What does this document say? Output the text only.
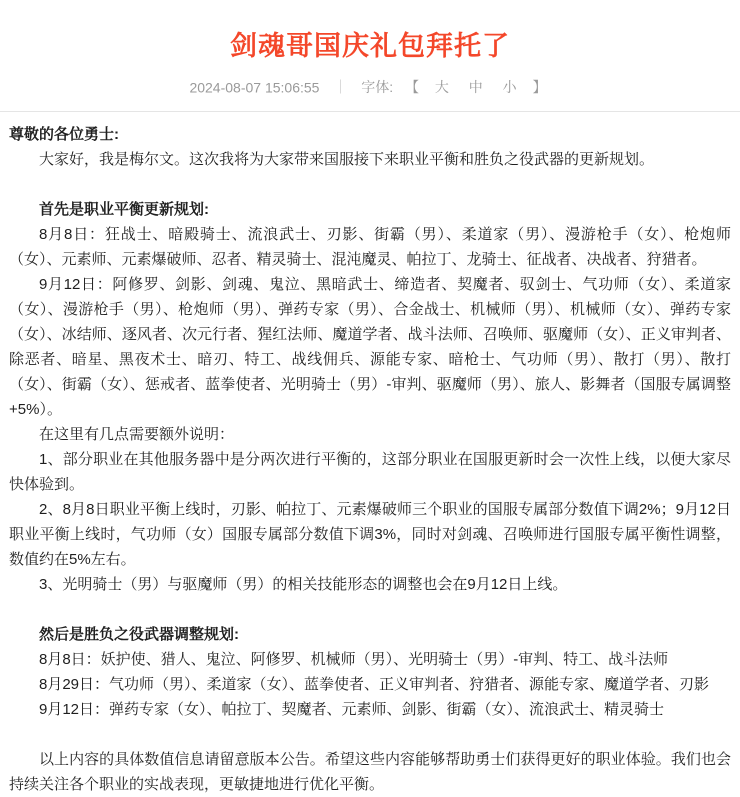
剑魂哥国庆礼包拜托了
2024-08-07 15:06:55 ｜ 字体: 【 大 中 小 】

尊敬的各位勇士:

大家好，我是梅尔文。这次我将为大家带来国服接下来职业平衡和胜负之役武器的更新规划。

首先是职业平衡更新规划:

8月8日：狂战士、暗殿骑士、流浪武士、刃影、街霸（男）、柔道家（男）、漫游枪手（女）、枪炮师（女）、元素师、元素爆破师、忍者、精灵骑士、混沌魔灵、帕拉丁、龙骑士、征战者、决战者、狩猎者。

9月12日：阿修罗、剑影、剑魂、鬼泣、黑暗武士、缔造者、契魔者、驭剑士、气功师（女）、柔道家（女）、漫游枪手（男）、枪炮师（男）、弹药专家（男）、合金战士、机械师（男）、机械师（女）、弹药专家（女）、冰结师、逐风者、次元行者、猩红法师、魔道学者、战斗法师、召唤师、驱魔师（女）、正义审判者、除恶者、暗星、黑夜术士、暗刃、特工、战线佣兵、源能专家、暗枪士、气功师（男）、散打（男）、散打（女）、街霸（女）、惩戒者、蓝拳使者、光明骑士（男）-审判、驱魔师（男）、旅人、影舞者（国服专属调整+5%）。

在这里有几点需要额外说明：

1、部分职业在其他服务器中是分两次进行平衡的，这部分职业在国服更新时会一次性上线，以便大家尽快体验到。

2、8月8日职业平衡上线时，刃影、帕拉丁、元素爆破师三个职业的国服专属部分数值下调2%；9月12日职业平衡上线时，气功师（女）国服专属部分数值下调3%，同时对剑魂、召唤师进行国服专属平衡性调整，数值约在5%左右。

3、光明骑士（男）与驱魔师（男）的相关技能形态的调整也会在9月12日上线。

然后是胜负之役武器调整规划:

8月8日：妖护使、猎人、鬼泣、阿修罗、机械师（男）、光明骑士（男）-审判、特工、战斗法师

8月29日：气功师（男）、柔道家（女）、蓝拳使者、正义审判者、狩猎者、源能专家、魔道学者、刃影

9月12日：弹药专家（女）、帕拉丁、契魔者、元素师、剑影、街霸（女）、流浪武士、精灵骑士

以上内容的具体数值信息请留意版本公告。希望这些内容能够帮助勇士们获得更好的职业体验。我们也会持续关注各个职业的实战表现，更敏捷地进行优化平衡。
